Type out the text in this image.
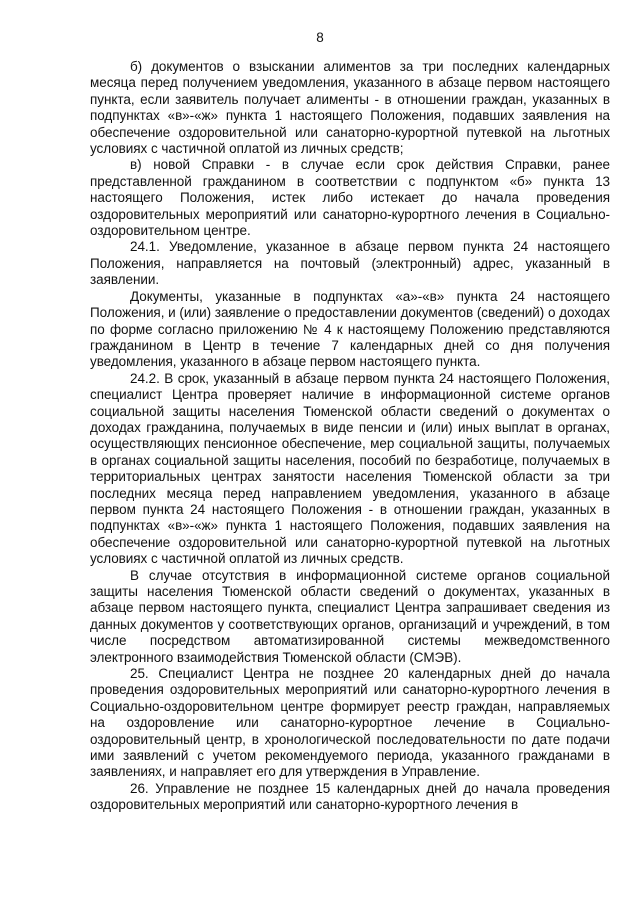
8

б) документов о взыскании алиментов за три последних календарных месяца перед получением уведомления, указанного в абзаце первом настоящего пункта, если заявитель получает алименты - в отношении граждан, указанных в подпунктах «в»-«ж» пункта 1 настоящего Положения, подавших заявления на обеспечение оздоровительной или санаторно-курортной путевкой на льготных условиях с частичной оплатой из личных средств;

в) новой Справки - в случае если срок действия Справки, ранее представленной гражданином в соответствии с подпунктом «б» пункта 13 настоящего Положения, истек либо истекает до начала проведения оздоровительных мероприятий или санаторно-курортного лечения в Социально-оздоровительном центре.

24.1. Уведомление, указанное в абзаце первом пункта 24 настоящего Положения, направляется на почтовый (электронный) адрес, указанный в заявлении.

Документы, указанные в подпунктах «а»-«в» пункта 24 настоящего Положения, и (или) заявление о предоставлении документов (сведений) о доходах по форме согласно приложению № 4 к настоящему Положению представляются гражданином в Центр в течение 7 календарных дней со дня получения уведомления, указанного в абзаце первом настоящего пункта.

24.2. В срок, указанный в абзаце первом пункта 24 настоящего Положения, специалист Центра проверяет наличие в информационной системе органов социальной защиты населения Тюменской области сведений о документах о доходах гражданина, получаемых в виде пенсии и (или) иных выплат в органах, осуществляющих пенсионное обеспечение, мер социальной защиты, получаемых в органах социальной защиты населения, пособий по безработице, получаемых в территориальных центрах занятости населения Тюменской области за три последних месяца перед направлением уведомления, указанного в абзаце первом пункта 24 настоящего Положения - в отношении граждан, указанных в подпунктах «в»-«ж» пункта 1 настоящего Положения, подавших заявления на обеспечение оздоровительной или санаторно-курортной путевкой на льготных условиях с частичной оплатой из личных средств.

В случае отсутствия в информационной системе органов социальной защиты населения Тюменской области сведений о документах, указанных в абзаце первом настоящего пункта, специалист Центра запрашивает сведения из данных документов у соответствующих органов, организаций и учреждений, в том числе посредством автоматизированной системы межведомственного электронного взаимодействия Тюменской области (СМЭВ).

25. Специалист Центра не позднее 20 календарных дней до начала проведения оздоровительных мероприятий или санаторно-курортного лечения в Социально-оздоровительном центре формирует реестр граждан, направляемых на оздоровление или санаторно-курортное лечение в Социально-оздоровительный центр, в хронологической последовательности по дате подачи ими заявлений с учетом рекомендуемого периода, указанного гражданами в заявлениях, и направляет его для утверждения в Управление.

26. Управление не позднее 15 календарных дней до начала проведения оздоровительных мероприятий или санаторно-курортного лечения в
